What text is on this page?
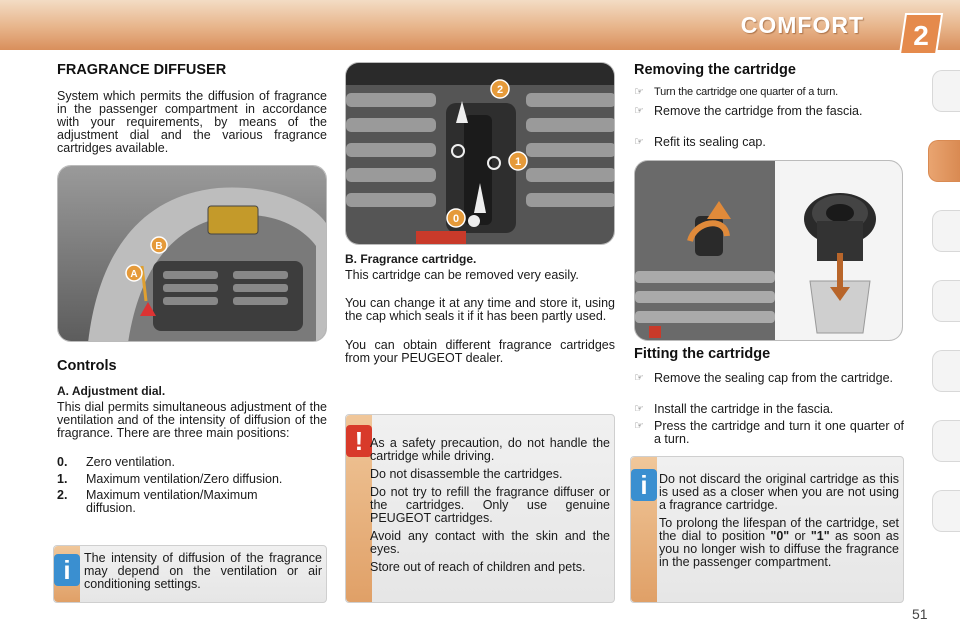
COMFORT 2
FRAGRANCE DIFFUSER
System which permits the diffusion of fragrance in the passenger compartment in accordance with your requirements, by means of the adjustment dial and the various fragrance cartridges available.
B
A
Controls
A. Adjustment dial.
This dial permits simultaneous adjustment of the ventilation and of the intensity of diffusion of the fragrance. There are three main positions:
0. Zero ventilation.
1. Maximum ventilation/Zero diffusion.
2. Maximum ventilation/Maximum diffusion.
i	The intensity of diffusion of the fragrance may depend on the ventilation or air conditioning settings.
2
1
0
B. Fragrance cartridge.
This cartridge can be removed very easily.
You can change it at any time and store it, using the cap which seals it if it has been partly used.
You can obtain different fragrance cartridges from your PEUGEOT dealer.
! As a safety precaution, do not handle the cartridge while driving.

Do not disassemble the cartridges.

Do not try to refill the fragrance diffuser or the cartridges. Only use genuine PEUGEOT cartridges.

Avoid any contact with the skin and the eyes.

Store out of reach of children and pets.

Removing the cartridge
☞ Turn the cartridge one quarter of a turn.
☞ Remove the cartridge from the fascia.
☞ Refit its sealing cap.
Fitting the cartridge
☞ Remove the sealing cap from the cartridge.
☞ Install the cartridge in the fascia.
☞ Press the cartridge and turn it one quarter of a turn.
i Do not discard the original cartridge as this is used as a closer when you are not using a fragrance cartridge.

To prolong the lifespan of the cartridge, set the dial to position "0" or "1" as soon as you no longer wish to diffuse the fragrance in the passenger compartment.

51
